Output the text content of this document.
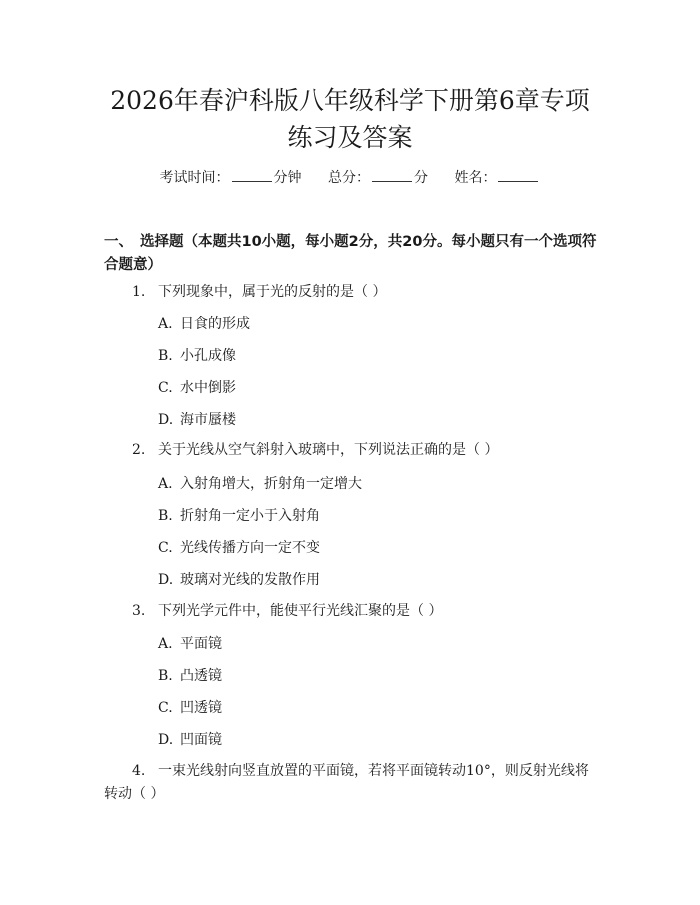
2026年春沪科版八年级科学下册第6章专项
练习及答案
考试时间：	分钟 总分：	分 姓名：
一、 选择题（本题共10小题，每小题2分，共20分。每小题只有一个选项符合题意）
1. 下列现象中，属于光的反射的是（ ）
A. 日食的形成
B. 小孔成像
C. 水中倒影
D. 海市蜃楼
2. 关于光线从空气斜射入玻璃中，下列说法正确的是（ ）
A. 入射角增大，折射角一定增大
B. 折射角一定小于入射角
C. 光线传播方向一定不变
D. 玻璃对光线的发散作用
3. 下列光学元件中，能使平行光线汇聚的是（ ）
A. 平面镜
B. 凸透镜
C. 凹透镜
D. 凹面镜
4. 一束光线射向竖直放置的平面镜，若将平面镜转动10°，则反射光线将转动（ ）
